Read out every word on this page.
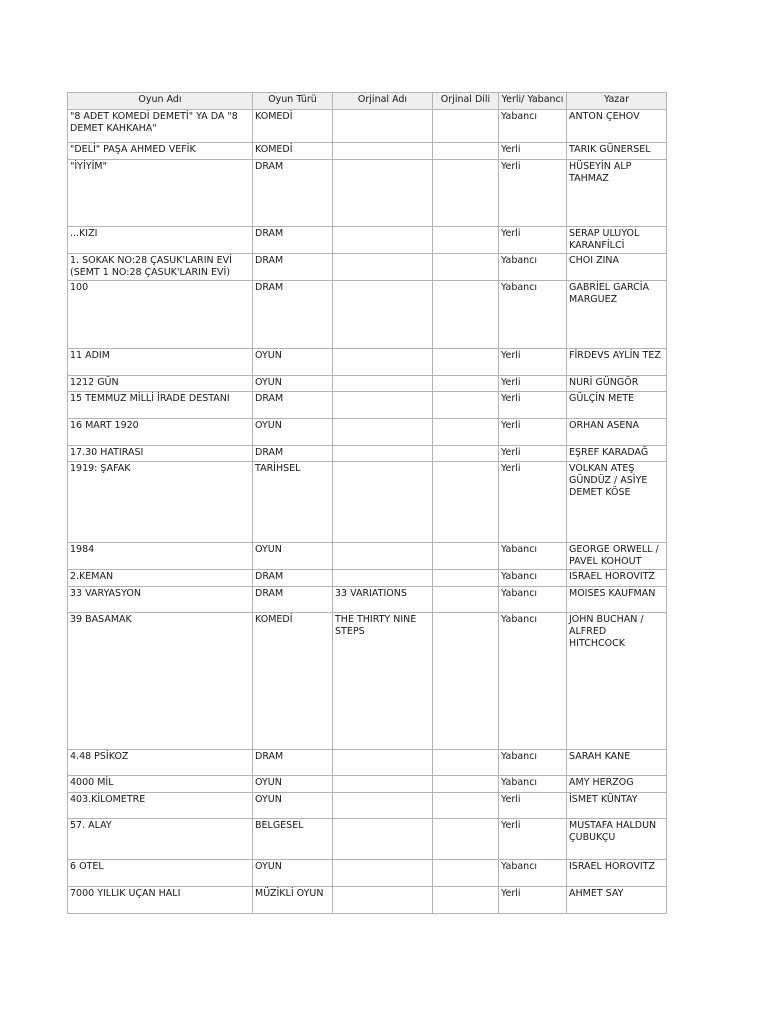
Oyun Adı	Oyun Türü	Orjinal Adı	Orjinal Dili	Yerli/ Yabancı	Yazar
"8 ADET KOMEDİ DEMETİ" YA DA "8 DEMET KAHKAHA"	KOMEDİ			Yabancı	ANTON ÇEHOV
"DELİ" PAŞA AHMED VEFİK	KOMEDİ			Yerli	TARIK GÜNERSEL
"İYİYİM"	DRAM			Yerli	HÜSEYİN ALP TAHMAZ
...KIZI	DRAM			Yerli	SERAP ULUYOL KARANFİLCİ
1. SOKAK NO:28 ÇASUK'LARIN EVİ (SEMT 1 NO:28 ÇASUK'LARIN EVİ)	DRAM			Yabancı	CHOI ZINA
100	DRAM			Yabancı	GABRİEL GARCİA MARGUEZ
11 ADIM	OYUN			Yerli	FİRDEVS AYLİN TEZ
1212 GÜN	OYUN			Yerli	NURİ GÜNGÖR
15 TEMMUZ MİLLİ İRADE DESTANI	DRAM			Yerli	GÜLÇİN METE
16 MART 1920	OYUN			Yerli	ORHAN ASENA
17.30 HATIRASI	DRAM			Yerli	EŞREF KARADAĞ
1919: ŞAFAK	TARİHSEL			Yerli	VOLKAN ATEŞ GÜNDÜZ / ASİYE DEMET KÖSE
1984	OYUN			Yabancı	GEORGE ORWELL / PAVEL KOHOUT
2.KEMAN	DRAM			Yabancı	ISRAEL HOROVITZ
33 VARYASYON	DRAM	33 VARIATIONS		Yabancı	MOISES KAUFMAN
39 BASAMAK	KOMEDİ	THE THIRTY NINE STEPS		Yabancı	JOHN BUCHAN / ALFRED HITCHCOCK
4.48 PSİKOZ	DRAM			Yabancı	SARAH KANE
4000 MİL	OYUN			Yabancı	AMY HERZOG
403.KİLOMETRE	OYUN			Yerli	İSMET KÜNTAY
57. ALAY	BELGESEL			Yerli	MUSTAFA HALDUN ÇUBUKÇU
6 OTEL	OYUN			Yabancı	ISRAEL HOROVITZ
7000 YILLIK UÇAN HALI	MÜZİKLİ OYUN			Yerli	AHMET SAY
